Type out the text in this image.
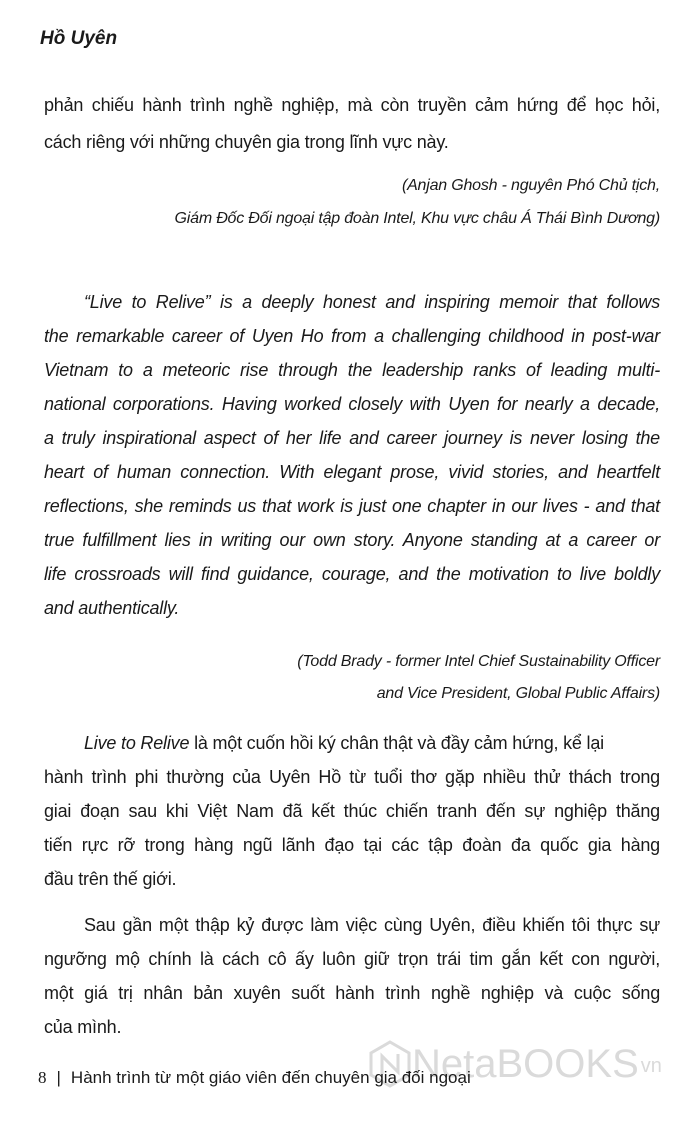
Hồ Uyên
phản chiếu hành trình nghề nghiệp, mà còn truyền cảm hứng để học hỏi,
cách riêng với những chuyên gia trong lĩnh vực này.
(Anjan Ghosh - nguyên Phó Chủ tịch,
Giám Đốc Đối ngoại tập đoàn Intel, Khu vực châu Á Thái Bình Dương)
“Live to Relive” is a deeply honest and inspiring memoir that follows
the remarkable career of Uyen Ho from a challenging childhood in post-war
Vietnam to a meteoric rise through the leadership ranks of leading multi-
national corporations. Having worked closely with Uyen for nearly a decade,
a truly inspirational aspect of her life and career journey is never losing the
heart of human connection. With elegant prose, vivid stories, and heartfelt
reflections, she reminds us that work is just one chapter in our lives - and that
true fulfillment lies in writing our own story. Anyone standing at a career or
life crossroads will find guidance, courage, and the motivation to live boldly
and authentically.
(Todd Brady - former Intel Chief Sustainability Officer
and Vice President, Global Public Affairs)
Live to Relive là một cuốn hồi ký chân thật và đầy cảm hứng, kể lại
hành trình phi thường của Uyên Hồ từ tuổi thơ gặp nhiều thử thách trong
giai đoạn sau khi Việt Nam đã kết thúc chiến tranh đến sự nghiệp thăng
tiến rực rỡ trong hàng ngũ lãnh đạo tại các tập đoàn đa quốc gia hàng
đầu trên thế giới.
Sau gần một thập kỷ được làm việc cùng Uyên, điều khiến tôi thực sự
ngưỡng mộ chính là cách cô ấy luôn giữ trọn trái tim gắn kết con người,
một giá trị nhân bản xuyên suốt hành trình nghề nghiệp và cuộc sống
của mình.
NetaBOOKS vn
8 | Hành trình từ một giáo viên đến chuyên gia đối ngoại
